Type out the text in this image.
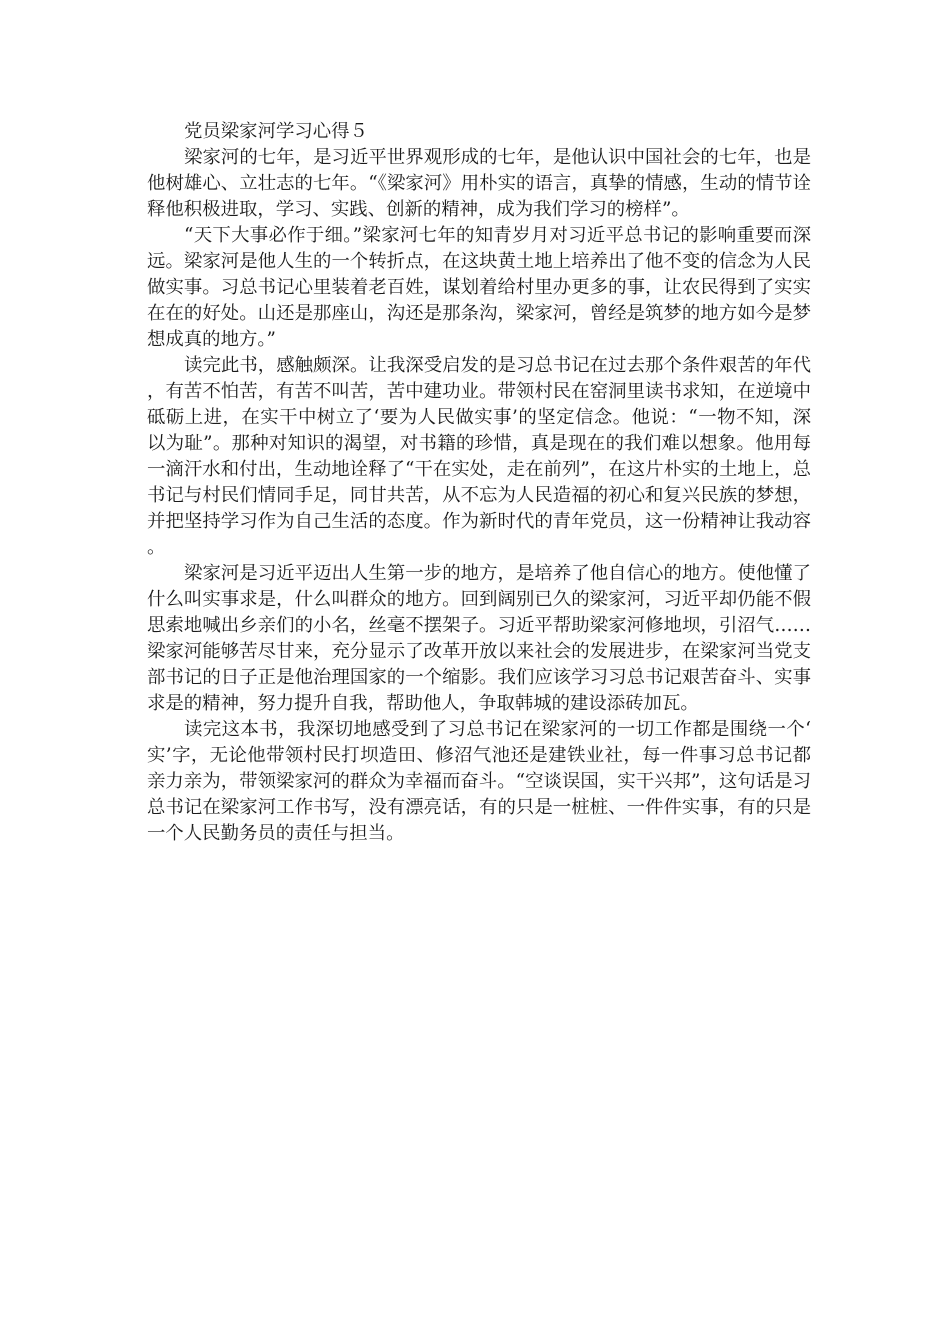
党员梁家河学习心得５

梁家河的七年，是习近平世界观形成的七年，是他认识中国社会的七年，也是他树雄心、立壮志的七年。“《梁家河》用朴实的语言，真挚的情感，生动的情节诠释他积极进取，学习、实践、创新的精神，成为我们学习的榜样”。

“天下大事必作于细。”梁家河七年的知青岁月对习近平总书记的影响重要而深远。梁家河是他人生的一个转折点，在这块黄土地上培养出了他不变的信念为人民做实事。习总书记心里装着老百姓，谋划着给村里办更多的事，让农民得到了实实在在的好处。山还是那座山，沟还是那条沟，梁家河，曾经是筑梦的地方如今是梦想成真的地方。”

读完此书，感触颇深。让我深受启发的是习总书记在过去那个条件艰苦的年代，有苦不怕苦，有苦不叫苦，苦中建功业。带领村民在窑洞里读书求知，在逆境中砥砺上进，在实干中树立了‘要为人民做实事’的坚定信念。他说：“一物不知，深以为耻”。那种对知识的渴望，对书籍的珍惜，真是现在的我们难以想象。他用每一滴汗水和付出，生动地诠释了“干在实处，走在前列”，在这片朴实的土地上，总书记与村民们情同手足，同甘共苦，从不忘为人民造福的初心和复兴民族的梦想，并把坚持学习作为自己生活的态度。作为新时代的青年党员，这一份精神让我动容。

梁家河是习近平迈出人生第一步的地方，是培养了他自信心的地方。使他懂了什么叫实事求是，什么叫群众的地方。回到阔别已久的梁家河，习近平却仍能不假思索地喊出乡亲们的小名，丝毫不摆架子。习近平帮助梁家河修地坝，引沼气……梁家河能够苦尽甘来，充分显示了改革开放以来社会的发展进步，在梁家河当党支部书记的日子正是他治理国家的一个缩影。我们应该学习习总书记艰苦奋斗、实事求是的精神，努力提升自我，帮助他人，争取韩城的建设添砖加瓦。

读完这本书，我深切地感受到了习总书记在梁家河的一切工作都是围绕一个‘实’字，无论他带领村民打坝造田、修沼气池还是建铁业社，每一件事习总书记都亲力亲为，带领梁家河的群众为幸福而奋斗。“空谈误国，实干兴邦”，这句话是习总书记在梁家河工作书写，没有漂亮话，有的只是一桩桩、一件件实事，有的只是一个人民勤务员的责任与担当。
